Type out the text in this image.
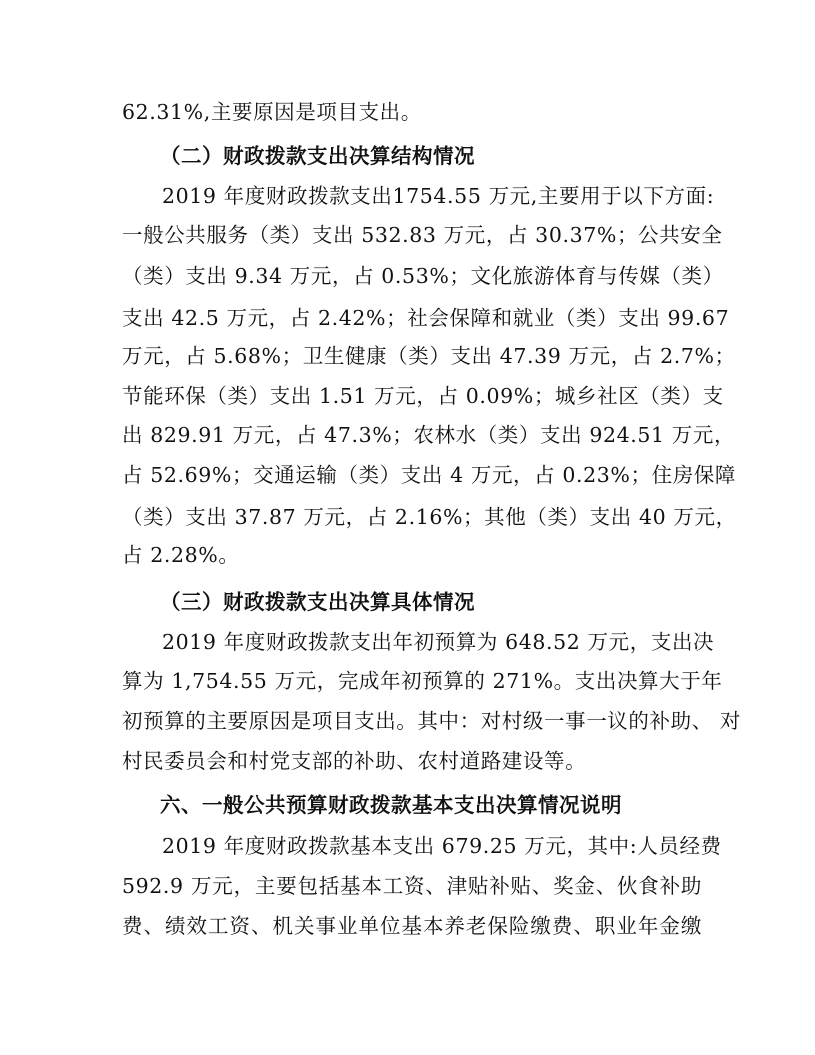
62.31%,主要原因是项目支出。
（二）财政拨款支出决算结构情况
2019 年度财政拨款支出1754.55 万元,主要用于以下方面:
一般公共服务（类）支出 532.83 万元，占 30.37%；公共安全
（类）支出 9.34 万元，占 0.53%；文化旅游体育与传媒（类）
支出 42.5 万元，占 2.42%；社会保障和就业（类）支出 99.67
万元，占 5.68%；卫生健康（类）支出 47.39 万元，占 2.7%；
节能环保（类）支出 1.51 万元，占 0.09%；城乡社区（类）支
出 829.91 万元，占 47.3%；农林水（类）支出 924.51 万元，
占 52.69%；交通运输（类）支出 4 万元，占 0.23%；住房保障
（类）支出 37.87 万元，占 2.16%；其他（类）支出 40 万元，
占 2.28%。
（三）财政拨款支出决算具体情况
2019 年度财政拨款支出年初预算为 648.52 万元，支出决
算为 1,754.55 万元，完成年初预算的 271%。支出决算大于年
初预算的主要原因是项目支出。其中：对村级一事一议的补助、 对
村民委员会和村党支部的补助、农村道路建设等。
六、一般公共预算财政拨款基本支出决算情况说明
2019 年度财政拨款基本支出 679.25 万元，其中:人员经费
592.9 万元，主要包括基本工资、津贴补贴、奖金、伙食补助
费、绩效工资、机关事业单位基本养老保险缴费、职业年金缴
